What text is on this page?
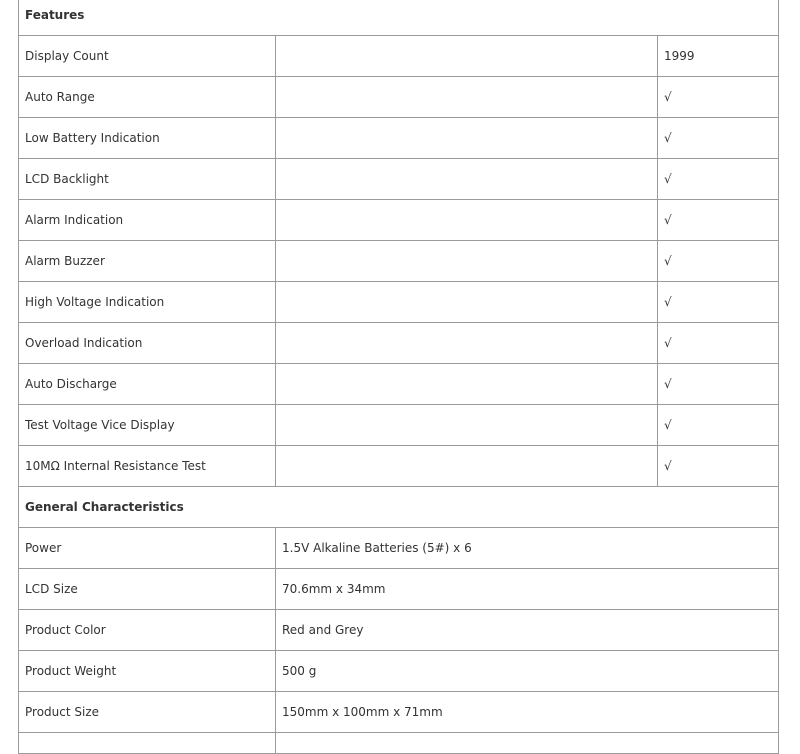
Features		
Display Count		1999
Auto Range		√
Low Battery Indication		√
LCD Backlight		√
Alarm Indication		√
Alarm Buzzer		√
High Voltage Indication		√
Overload Indication		√
Auto Discharge		√
Test Voltage Vice Display		√
10MΩ Internal Resistance Test		√
General Characteristics		
Power	1.5V Alkaline Batteries (5#) x 6	
LCD Size	70.6mm x 34mm	
Product Color	Red and Grey	
Product Weight	500 g	
Product Size	150mm x 100mm x 71mm	
